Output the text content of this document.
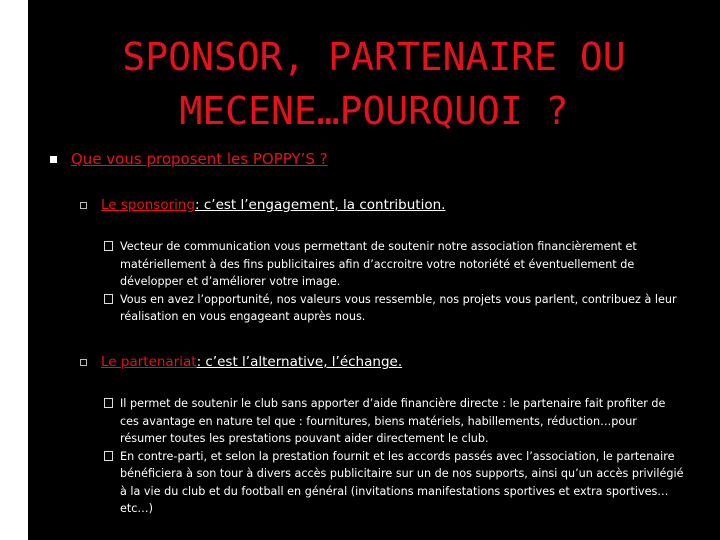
SPONSOR, PARTENAIRE OU
MECENE…POURQUOI ?
Que vous proposent les POPPY’S ?
Le sponsoring : c’est l’engagement, la contribution.
Vecteur de communication vous permettant de soutenir notre association financièrement et matériellement à des fins publicitaires afin d’accroitre votre notoriété et éventuellement de développer et d’améliorer votre image.
Vous en avez l’opportunité, nos valeurs vous ressemble, nos projets vous parlent, contribuez à leur réalisation en vous engageant auprès nous.
Le partenariat : c’est l’alternative, l’échange.
Il permet de soutenir le club sans apporter d’aide financière directe : le partenaire fait profiter de ces avantage en nature tel que : fournitures, biens matériels, habillements, réduction…pour résumer toutes les prestations pouvant aider directement le club.
En contre-parti, et selon la prestation fournit et les accords passés avec l’association, le partenaire bénéficiera à son tour à divers accès publicitaire sur un de nos supports, ainsi qu’un accès privilégié à la vie du club et du football en général (invitations manifestations sportives et extra sportives…etc…)
